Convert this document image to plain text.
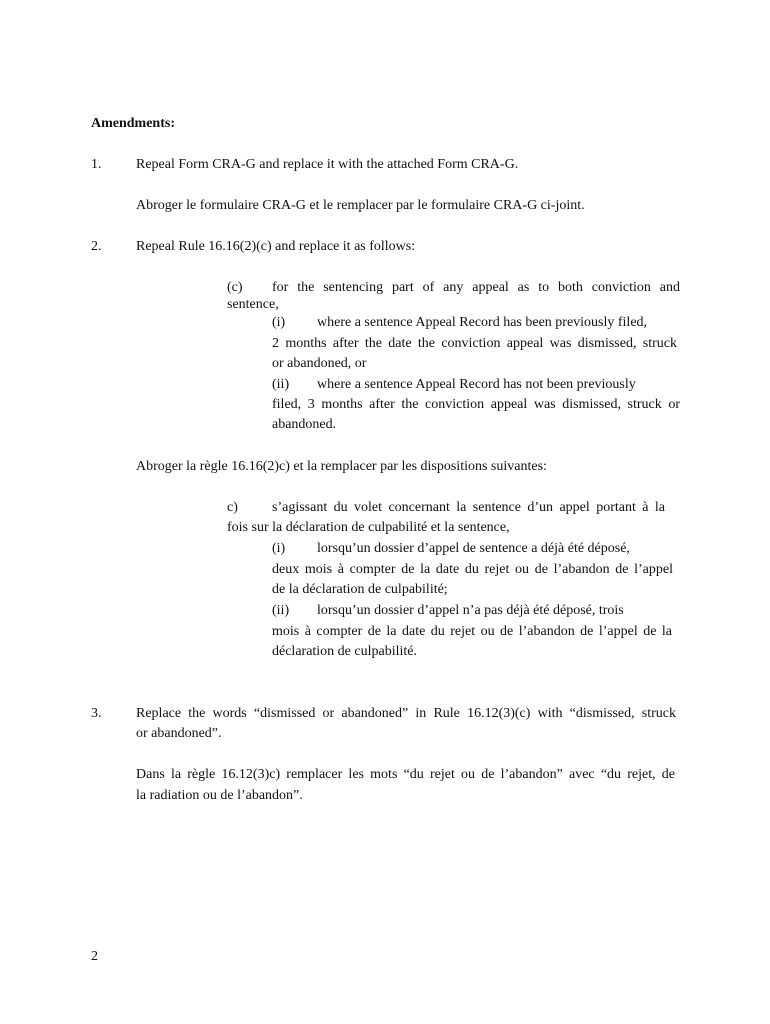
Amendments:
1. Repeal Form CRA-G and replace it with the attached Form CRA-G.
Abroger le formulaire CRA-G et le remplacer par le formulaire CRA-G ci-joint.
2. Repeal Rule 16.16(2)(c) and replace it as follows:
(c) for the sentencing part of any appeal as to both conviction and
sentence,
(i) where a sentence Appeal Record has been previously filed,
2 months after the date the conviction appeal was dismissed, struck
or abandoned, or
(ii) where a sentence Appeal Record has not been previously
filed, 3 months after the conviction appeal was dismissed, struck or
abandoned.
Abroger la règle 16.16(2)c) et la remplacer par les dispositions suivantes:
c) s’agissant du volet concernant la sentence d’un appel portant à la
fois sur la déclaration de culpabilité et la sentence,
(i) lorsqu’un dossier d’appel de sentence a déjà été déposé,
deux mois à compter de la date du rejet ou de l’abandon de l’appel
de la déclaration de culpabilité;
(ii) lorsqu’un dossier d’appel n’a pas déjà été déposé, trois
mois à compter de la date du rejet ou de l’abandon de l’appel de la
déclaration de culpabilité.
3. Replace the words “dismissed or abandoned” in Rule 16.12(3)(c) with “dismissed, struck
or abandoned”.
Dans la règle 16.12(3)c) remplacer les mots “du rejet ou de l’abandon” avec “du rejet, de
la radiation ou de l’abandon”.
2
